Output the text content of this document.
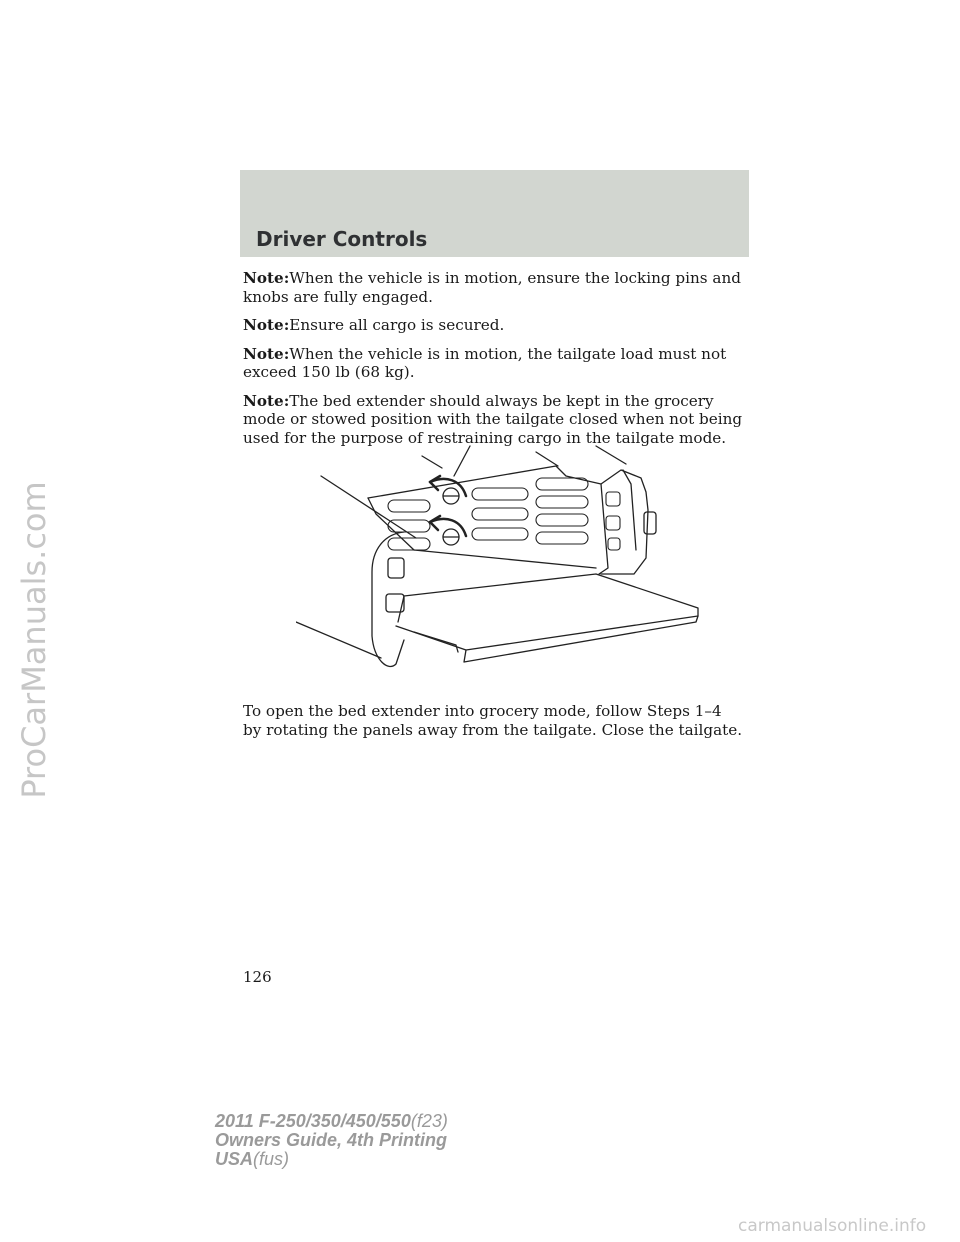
ProCarManuals.com
Driver Controls

Note:When the vehicle is in motion, ensure the locking pins and knobs are fully engaged.

Note:Ensure all cargo is secured.

Note:When the vehicle is in motion, the tailgate load must not exceed 150 lb (68 kg).

Note:The bed extender should always be kept in the grocery mode or stowed position with the tailgate closed when not being used for the purpose of restraining cargo in the tailgate mode.

To open the bed extender into grocery mode, follow Steps 1–4 by rotating the panels away from the tailgate. Close the tailgate.

126

2011 F-250/350/450/550(f23)
Owners Guide, 4th Printing
USA(fus)
carmanualsonline.info
